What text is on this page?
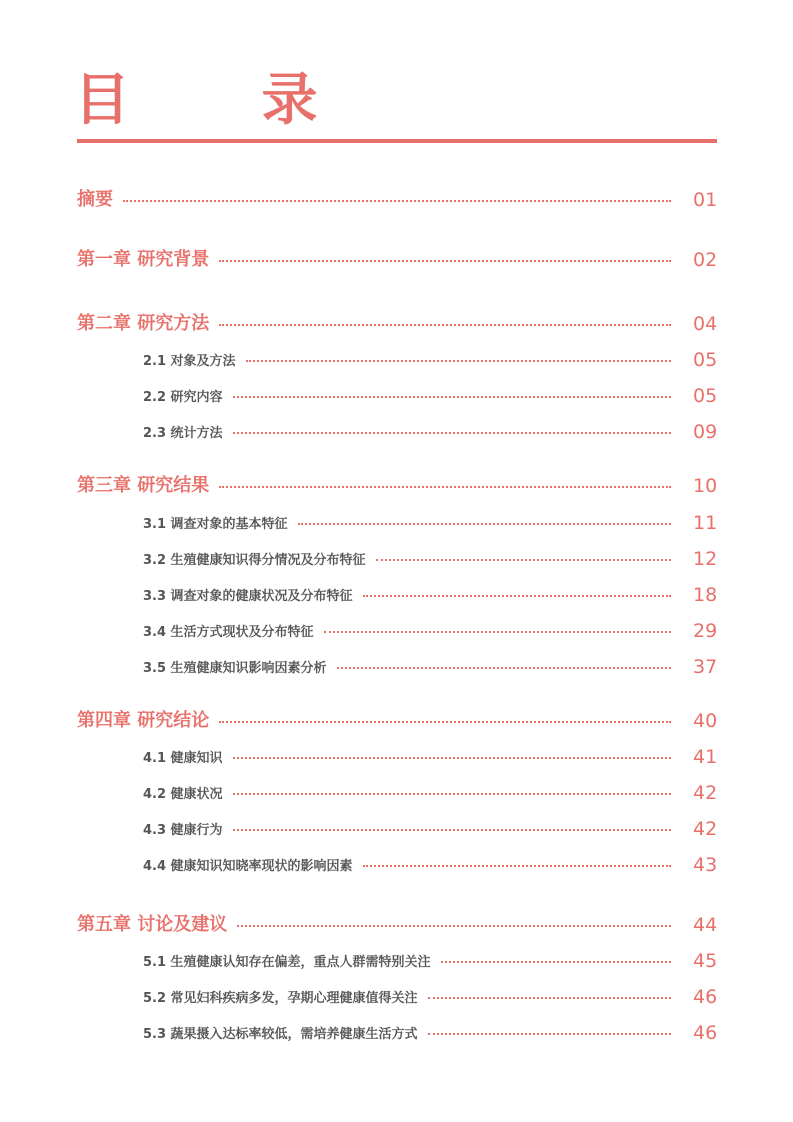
目 录
摘要	01
第一章 研究背景	02
第二章 研究方法	04
2.1 对象及方法	05
2.2 研究内容	05
2.3 统计方法	09
第三章 研究结果	10
3.1 调查对象的基本特征	11
3.2 生殖健康知识得分情况及分布特征	12
3.3 调查对象的健康状况及分布特征	18
3.4 生活方式现状及分布特征	29
3.5 生殖健康知识影响因素分析	37
第四章 研究结论	40
4.1 健康知识	41
4.2 健康状况	42
4.3 健康行为	42
4.4 健康知识知晓率现状的影响因素	43
第五章 讨论及建议	44
5.1 生殖健康认知存在偏差，重点人群需特别关注	45
5.2 常见妇科疾病多发，孕期心理健康值得关注	46
5.3 蔬果摄入达标率较低，需培养健康生活方式	46
